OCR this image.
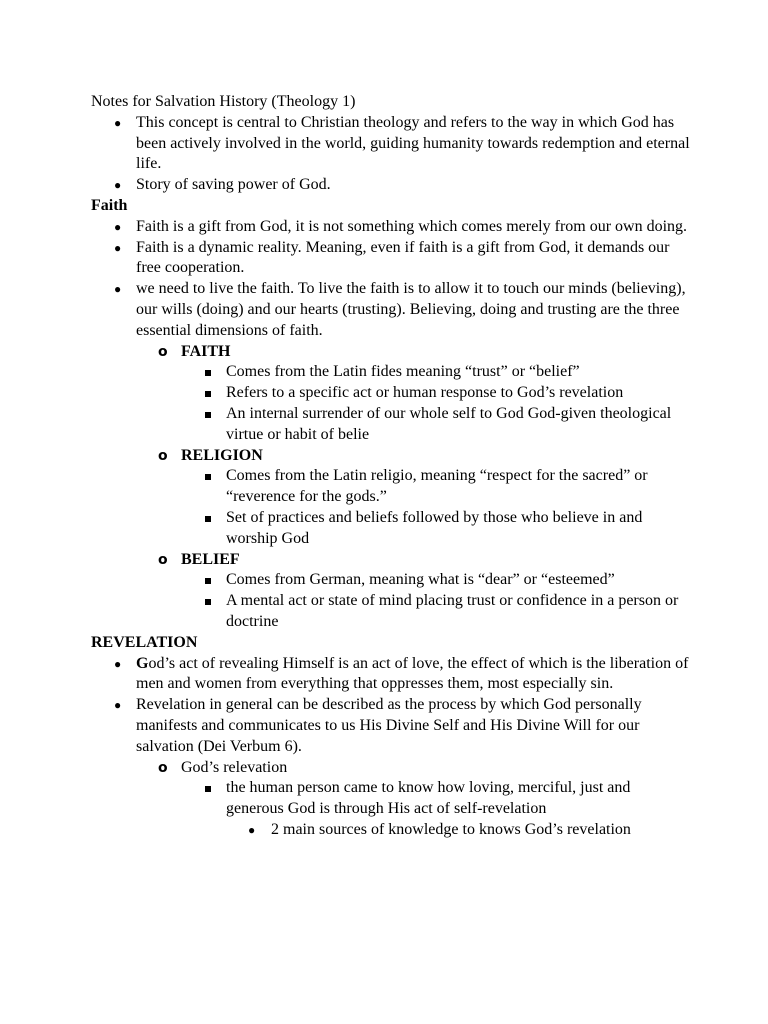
Notes for Salvation History (Theology 1)

● This concept is central to Christian theology and refers to the way in which God has been actively involved in the world, guiding humanity towards redemption and eternal life.

● Story of saving power of God.

Faith

● Faith is a gift from God, it is not something which comes merely from our own doing.

● Faith is a dynamic reality. Meaning, even if faith is a gift from God, it demands our free cooperation.

● we need to live the faith. To live the faith is to allow it to touch our minds (believing), our wills (doing) and our hearts (trusting). Believing, doing and trusting are the three essential dimensions of faith.

o FAITH

Comes from the Latin fides meaning “trust” or “belief”

Refers to a specific act or human response to God’s revelation

An internal surrender of our whole self to God God-given theological virtue or habit of belie

o RELIGION

Comes from the Latin religio, meaning “respect for the sacred” or “reverence for the gods.”

Set of practices and beliefs followed by those who believe in and worship God

o BELIEF

Comes from German, meaning what is “dear” or “esteemed”

A mental act or state of mind placing trust or confidence in a person or doctrine

REVELATION

● God’s act of revealing Himself is an act of love, the effect of which is the liberation of men and women from everything that oppresses them, most especially sin.

● Revelation in general can be described as the process by which God personally manifests and communicates to us His Divine Self and His Divine Will for our salvation (Dei Verbum 6).

o God’s relevation

the human person came to know how loving, merciful, just and generous God is through His act of self-revelation

● 2 main sources of knowledge to knows God’s revelation
